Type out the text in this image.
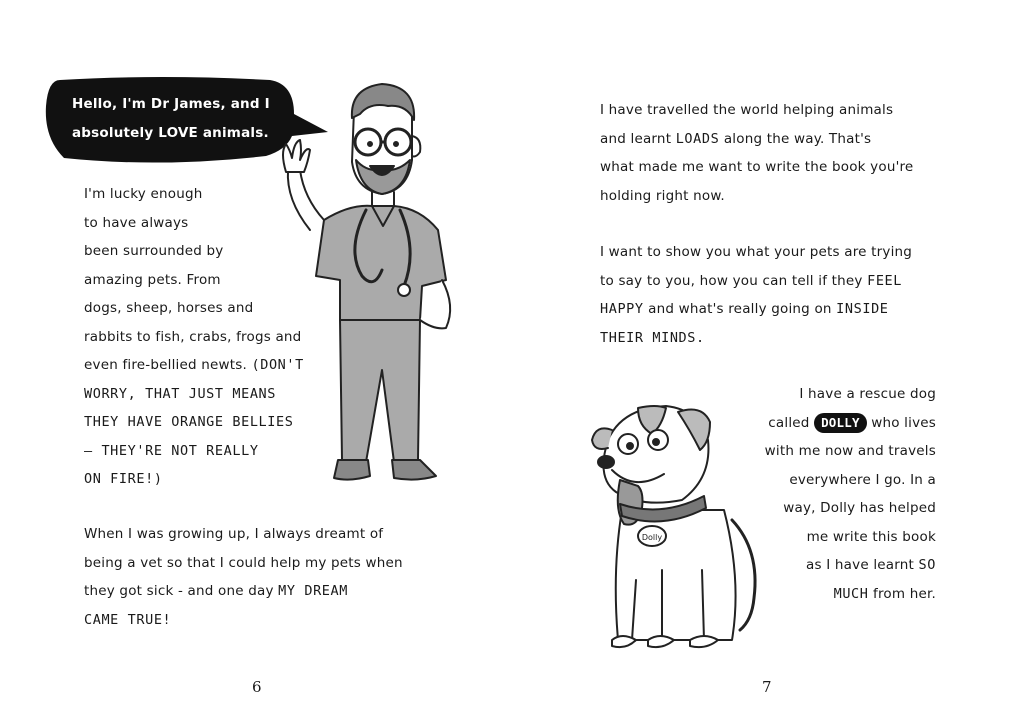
Hello, I'm Dr James, and I
absolutely LOVE animals.
I'm lucky enough
to have always
been surrounded by
amazing pets. From
dogs, sheep, horses and
rabbits to fish, crabs, frogs and
even fire-bellied newts. (DON'T
WORRY, THAT JUST MEANS
THEY HAVE ORANGE BELLIES
– THEY'RE NOT REALLY
ON FIRE!)
When I was growing up, I always dreamt of
being a vet so that I could help my pets when
they got sick - and one day MY DREAM
CAME TRUE!
6
I have travelled the world helping animals
and learnt LOADS along the way. That's
what made me want to write the book you're
holding right now.
I want to show you what your pets are trying
to say to you, how you can tell if they FEEL
HAPPY and what's really going on INSIDE
THEIR MINDS.
I have a rescue dog
called DOLLY who lives
with me now and travels
everywhere I go. In a
way, Dolly has helped
me write this book
as I have learnt SO
MUCH from her.
Dolly
7
